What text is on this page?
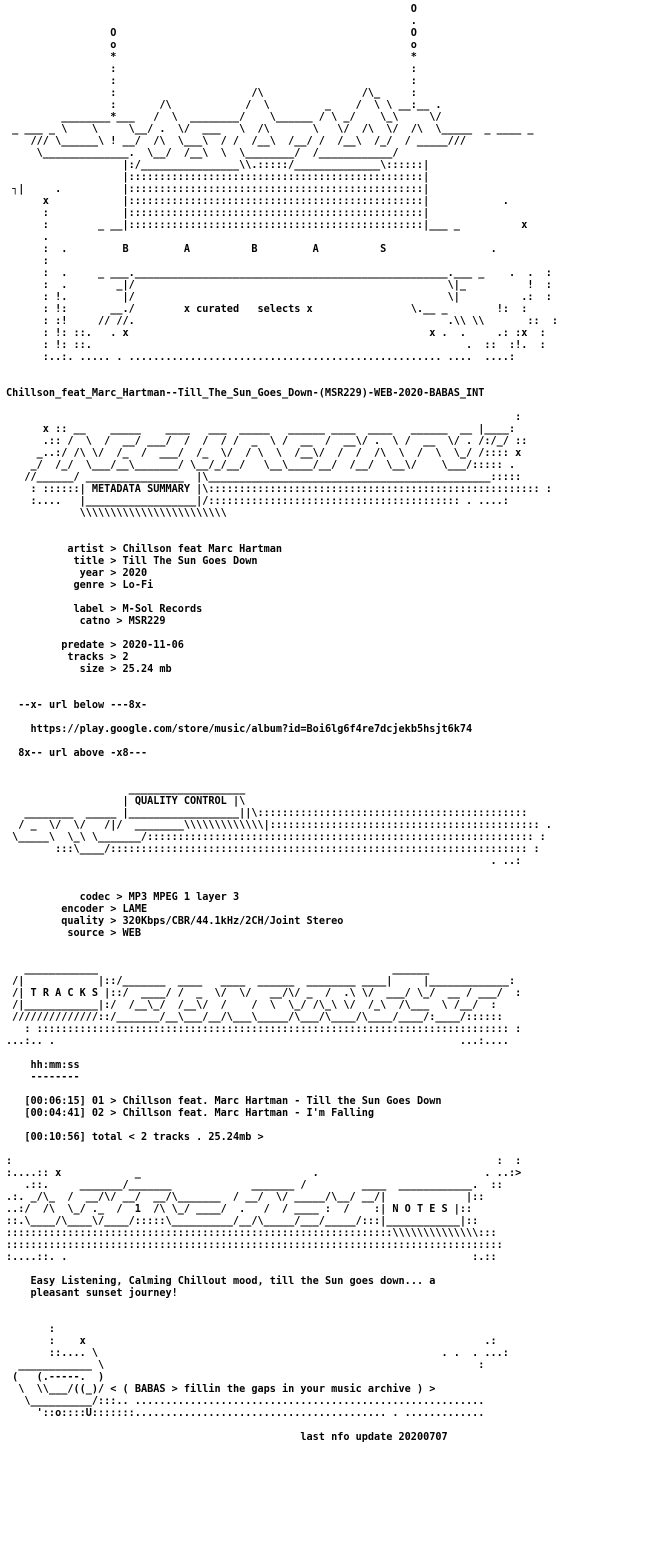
O
.
O                                                O
o                                                o
*                                                *
:                                                :
:                                                :
:                      /\                /\_     :
:       /\            /  \         _    /  \ \ __:__ .
________*___   /  \  ________/    \______ / \ _/    \_\     \/
_ ___ _ \    \     \__/ .  \/  ___   \  /\       \   \/  /\  \/  /\  \_____  _ ____ _
/// \______\ ! __/  /\  \___\  / /  /__\  /__/ /  /__\  /_/  / _____///
\______________.  \__/  /__\  \  \________/  /____________/
|:/________________\\.:::::/______________\::::::|
|::::::::::::::::::::::::::::::::::::::::::::::::|
┐|     .          |::::::::::::::::::::::::::::::::::::::::::::::::|
x            |::::::::::::::::::::::::::::::::::::::::::::::::|            .
:            |::::::::::::::::::::::::::::::::::::::::::::::::|
:        _ __|::::::::::::::::::::::::::::::::::::::::::::::::|___ _          x
.
:  .	B         A          B         A          S	.
:
:  .     _ ___.___________________________________________________.___ _    .  .  :
:  .        _|/                                                   \|_          !  :
: !.         |/                                                   \|          .:  :
: !:       __./	x curated   selects x	\.__ _        !:  :
: :!     // //.                                                   .\\ \\       ::  :
: !: ::.   . x                                                 x .  .     .: :x  :
: !: ::.                                                             .  ::  :!.  :
:..:. ..... . ................................................... ....  ....:

Chillson_feat_Marc_Hartman--Till_The_Sun_Goes_Down-(MSR229)-WEB-2020-BABAS_INT

:
x :: __    _____    ____   ___  _____   ______ ____  ____   ______  __ |____:
.:: /  \  /  __/ ___/  /  /  / /  _  \ /  __  /  __\/ .  \ /  __  \/ . /:/_/ ::
_..:/ /\ \/  /_  /  ___/  /_  \/  / \  \  /__\/  /  /  /\  \  /  \  \_/ /:::: x
_/  /_/  \___/__\_______/ \__/_/__/   \__\____/__/  /__/  \__\/    \___/::::: .
//______/ ________________  |\______________________________________________:::::
: ::::::| METADATA SUMMARY |\:::::::::::::::::::::::::::::::::::::::::::::::::::::: :
:....   |__________________|/::::::::::::::::::::::::::::::::::::::::: . ....:
\\\\\\\\\\\\\\\\\\\\\\\\

artist > Chillson feat Marc Hartman
title > Till The Sun Goes Down
year > 2020
genre > Lo-Fi

label > M-Sol Records
catno > MSR229

predate > 2020-11-06
tracks > 2
size > 25.24 mb

--x- url below ---8x-

https://play.google.com/store/music/album?id=Boi6lg6f4re7dcjekb5hsjt6k74

8x-- url above -x8---

___________________
| QUALITY CONTROL |\
________  _____ |__________________||\::::::::::::::::::::::::::::::::::::::::::::
/ _  \/  \/   /|/  ________\\\\\\\\\\\\\|:::::::::::::::::::::::::::::::::::::::::::: .
\_____\  \_\ \_______/::::::::::::::::::::::::::::::::::::::::::::::::::::::::::::::: :
:::\____/:::::::::::::::::::::::::::::::::::::::::::::::::::::::::::::::::::: :
. ..:

codec > MP3 MPEG 1 layer 3
encoder > LAME
quality > 320Kbps/CBR/44.1kHz/2CH/Joint Stereo
source > WEB

____________                                                ______
/|            |::/_______  ____   ____  ______  ________ ____|     |_____________:
/| T R A C K S |::/  ____/ /  _  \/  \/   __/\/ _  /  .\ \/  ___/ \_/  __ / ___/  :
/|____________|:/  /__\_/  /__\/  /    /  \  \_/ /\_\ \/  /_\  /\___  \ /__/  :
//////////////::/_______/__\___/__/\___\_____/\___/\____/\____/____/:____/::::::
: ::::::::::::::::::::::::::::::::::::::::::::::::::::::::::::::::::::::::::::: :
...:.. .                                                                  ...:....

hh:mm:ss
--------

[00:06:15] 01 > Chillson feat. Marc Hartman - Till the Sun Goes Down
[00:04:41] 02 > Chillson feat. Marc Hartman - I'm Falling

[00:10:56] total < 2 tracks . 25.24mb >

:                                                                               :  :
:....:: x            _                            .                           . ..:>
.::.     _______/_______             _______ /         ____  ____________.  ::
.:. _/\_  /  __/\/ __/  __/\_______  / __/  \/ _____/\__/ __/|             |::
..:/  /\  \_/ ._  /  1  /\ \_/ ____/  .   /  / ____ :  /    :| N O T E S |::
::.\____/\____\/____/:::::\__________/__/\_____/___/_____/:::|____________|::
:::::::::::::::::::::::::::::::::::::::::::::::::::::::::::::::\\\\\\\\\\\\\\:::
:::::::::::::::::::::::::::::::::::::::::::::::::::::::::::::::::::::::::::::::::
:....::. .                                                                  :.::

Easy Listening, Calming Chillout mood, till the Sun goes down... a
pleasant sunset journey!

:
:    x                                                                 .:
::.... \                                                        . .  . ...:
____________ \                                                             :
(   (.-----.  )
\  \\___/((_)/ < ( BABAS > fillin the gaps in your music archive ) >
\__________/:::.. .........................................................
'::o::::U:::::::......................................... . .............

last nfo update 20200707
